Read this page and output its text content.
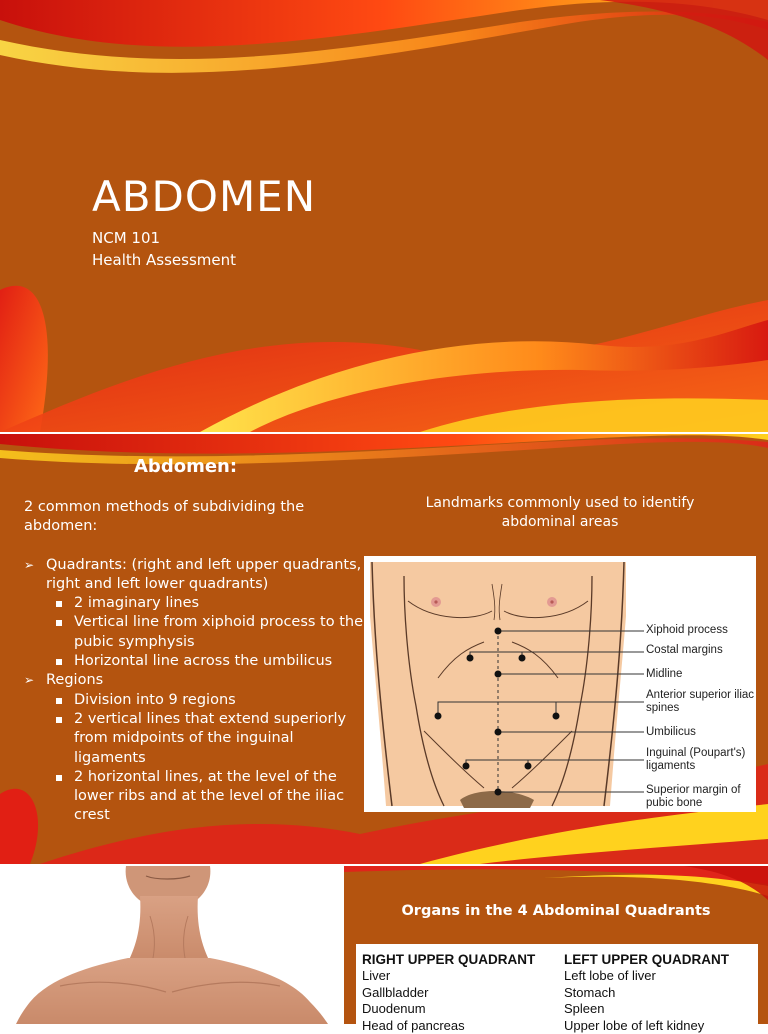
ABDOMEN
NCM 101
Health Assessment
Abdomen:
Landmarks commonly used to identify abdominal areas
2 common methods of subdividing the abdomen:
➢ Quadrants: (right and left upper quadrants, right and left lower quadrants)
2 imaginary lines
Vertical line from xiphoid process to the pubic symphysis
Horizontal line across the umbilicus
➢ Regions
Division into 9 regions
2 vertical lines that extend superiorly from midpoints of the inguinal ligaments
2 horizontal lines, at the level of the lower ribs and at the level of the iliac crest
Xiphoid process
Costal margins
Midline
Anterior superior iliac spines
Umbilicus
Inguinal (Poupart's) ligaments
Superior margin of pubic bone
Organs in the 4 Abdominal Quadrants
RIGHT UPPER QUADRANT
Liver
Gallbladder
Duodenum
Head of pancreas
LEFT UPPER QUADRANT
Left lobe of liver
Stomach
Spleen
Upper lobe of left kidney
